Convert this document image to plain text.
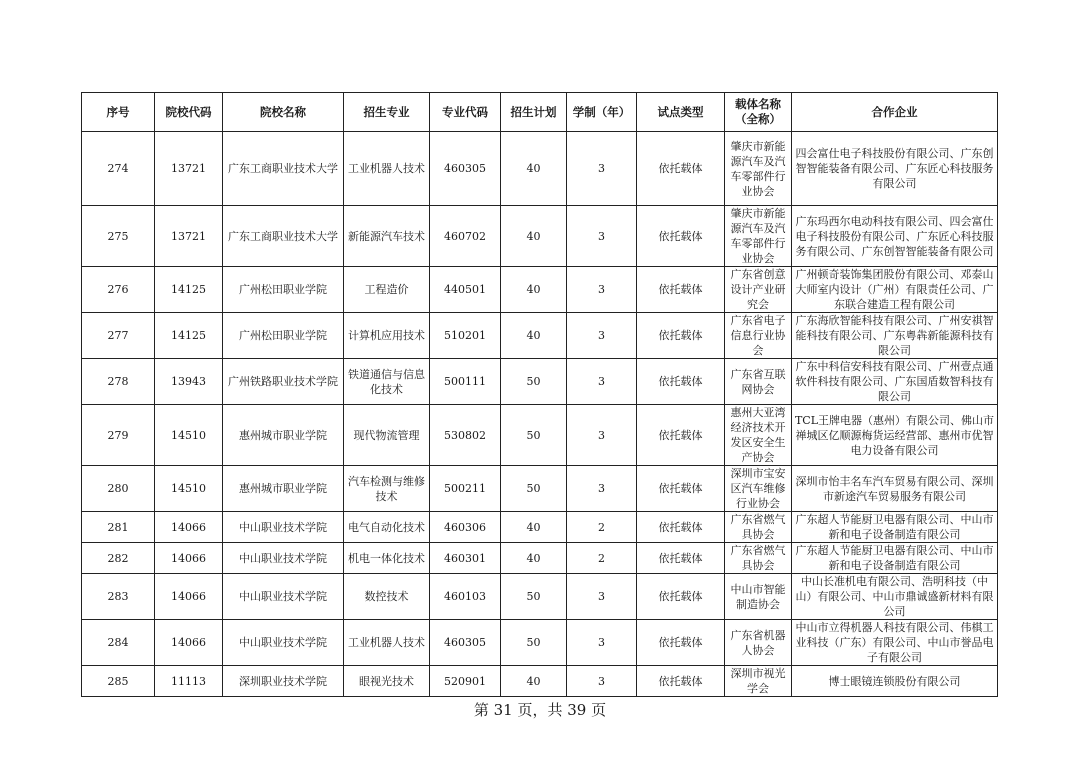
序号	院校代码	院校名称	招生专业	专业代码	招生计划	学制（年）	试点类型	载体名称（全称）	合作企业
274	13721	广东工商职业技术大学	工业机器人技术	460305	40	3	依托载体	肇庆市新能源汽车及汽车零部件行业协会	四会富仕电子科技股份有限公司、广东创智智能装备有限公司、广东匠心科技服务有限公司
275	13721	广东工商职业技术大学	新能源汽车技术	460702	40	3	依托载体	肇庆市新能源汽车及汽车零部件行业协会	广东玛西尔电动科技有限公司、四会富仕电子科技股份有限公司、广东匠心科技服务有限公司、广东创智智能装备有限公司
276	14125	广州松田职业学院	工程造价	440501	40	3	依托载体	广东省创意设计产业研究会	广州顿奇装饰集团股份有限公司、邓泰山大师室内设计（广州）有限责任公司、广东联合建造工程有限公司
277	14125	广州松田职业学院	计算机应用技术	510201	40	3	依托载体	广东省电子信息行业协会	广东海欣智能科技有限公司、广州安祺智能科技有限公司、广东粤犇新能源科技有限公司
278	13943	广州铁路职业技术学院	铁道通信与信息化技术	500111	50	3	依托载体	广东省互联网协会	广东中科信安科技有限公司、广州壹点通软件科技有限公司、广东国盾数智科技有限公司
279	14510	惠州城市职业学院	现代物流管理	530802	50	3	依托载体	惠州大亚湾经济技术开发区安全生产协会	TCL王牌电器（惠州）有限公司、佛山市禅城区亿顺源梅货运经营部、惠州市优智电力设备有限公司
280	14510	惠州城市职业学院	汽车检测与维修技术	500211	50	3	依托载体	深圳市宝安区汽车维修行业协会	深圳市怡丰名车汽车贸易有限公司、深圳市新途汽车贸易服务有限公司
281	14066	中山职业技术学院	电气自动化技术	460306	40	2	依托载体	广东省燃气具协会	广东超人节能厨卫电器有限公司、中山市新和电子设备制造有限公司
282	14066	中山职业技术学院	机电一体化技术	460301	40	2	依托载体	广东省燃气具协会	广东超人节能厨卫电器有限公司、中山市新和电子设备制造有限公司
283	14066	中山职业技术学院	数控技术	460103	50	3	依托载体	中山市智能制造协会	中山长准机电有限公司、浩明科技（中山）有限公司、中山市鼎诚盛新材料有限公司
284	14066	中山职业技术学院	工业机器人技术	460305	50	3	依托载体	广东省机器人协会	中山市立得机器人科技有限公司、伟棋工业科技（广东）有限公司、中山市誉品电子有限公司
285	11113	深圳职业技术学院	眼视光技术	520901	40	3	依托载体	深圳市视光学会	博士眼镜连锁股份有限公司
第 31 页，共 39 页
